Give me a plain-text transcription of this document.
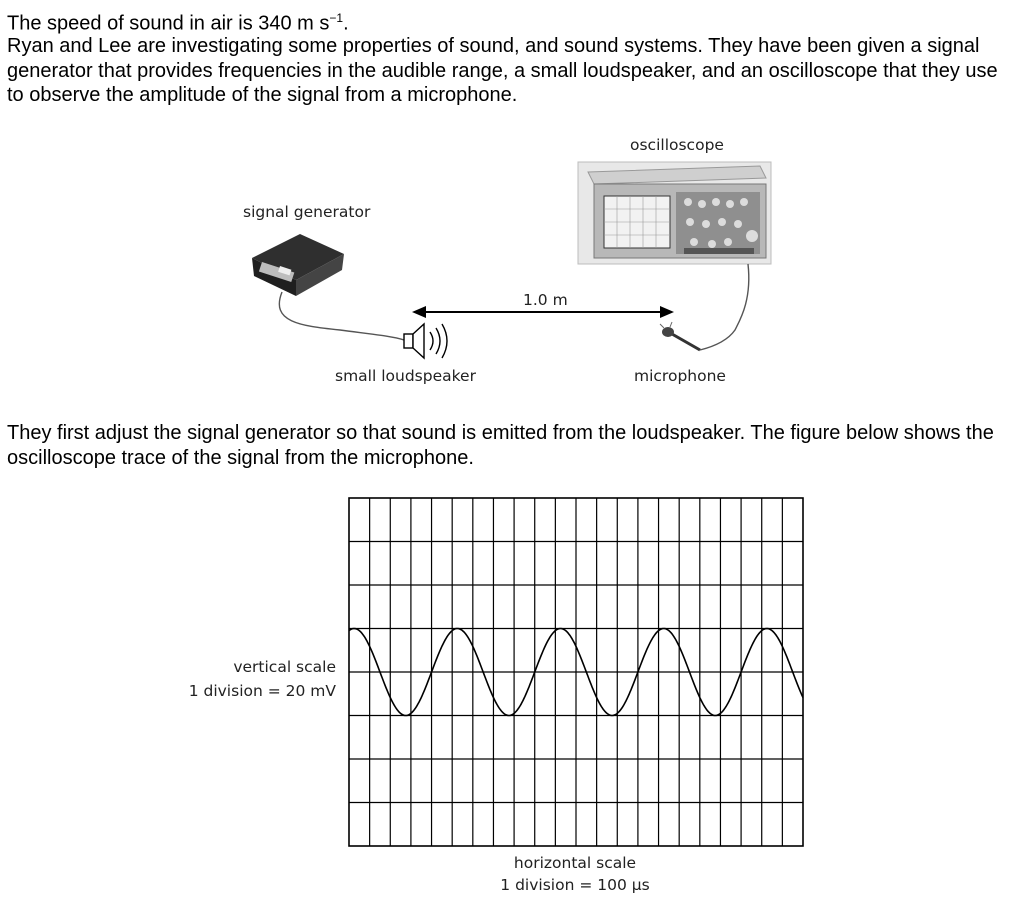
The speed of sound in air is 340 m $s^{-1}$.

Ryan and Lee are investigating some properties of sound, and sound systems. They have been given a signal generator that provides frequencies in the audible range, a small loudspeaker, and an oscilloscope that they use to observe the amplitude of the signal from a microphone.

They first adjust the signal generator so that sound is emitted from the loudspeaker. The figure below shows the oscilloscope trace of the signal from the microphone.

oscilloscope
signal generator
1.0 m
small loudspeaker	microphone
vertical scale
1 division = 20 mV
horizontal scale
1 division = 100 μs
